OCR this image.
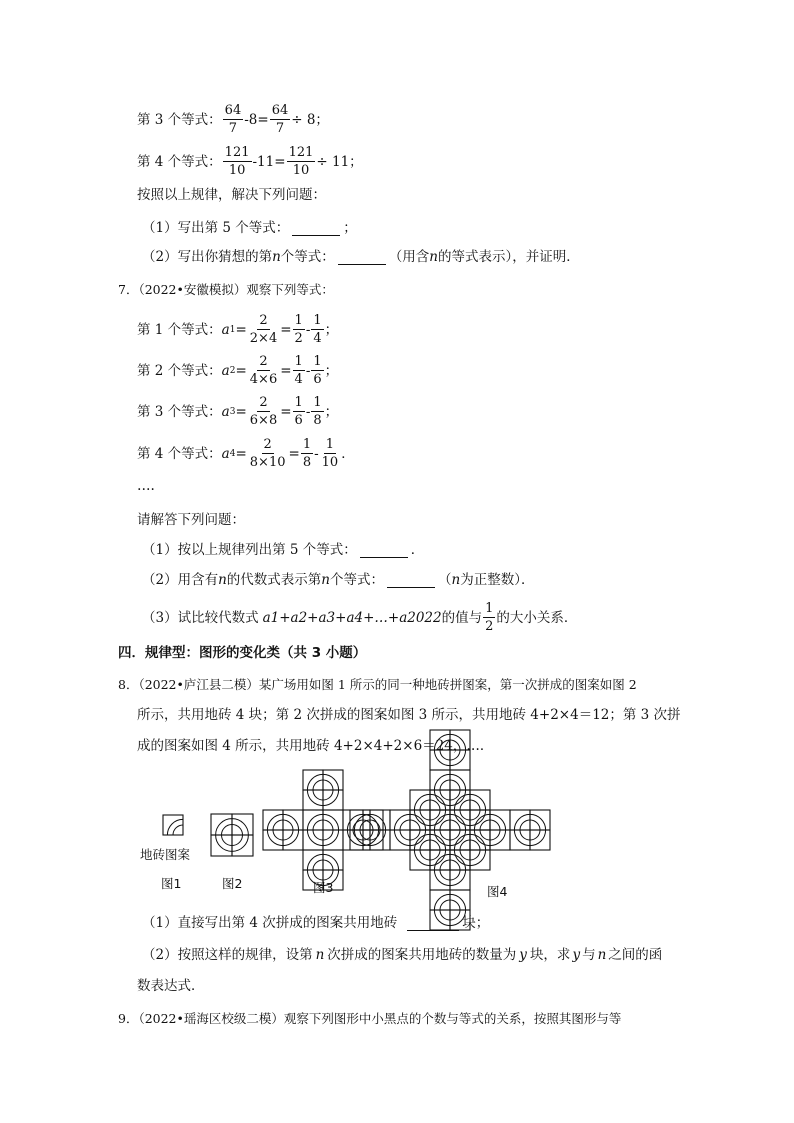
第 3 个等式： $\frac{64}{7} -8= \frac{64}{7} \div 8$；
第 4 个等式： $\frac{121}{10} -11= \frac{121}{10} \div 11$；
按照以上规律，解决下列问题：
（1）写出第 5 个等式：	；
（2）写出你猜想的第 n 个等式：	（用含 n 的等式表示），并证明．
7．（2022•安徽模拟）观察下列等式：
第 1 个等式： a $1 = \frac{2}{2\times 4} = \frac{1}{2} - \frac{1}{4}$ ；
第 2 个等式： a $2 = \frac{2}{4\times 6} = \frac{1}{4} - \frac{1}{6}$ ；
第 3 个等式： a $3 = \frac{2}{6\times 8} = \frac{1}{6} - \frac{1}{8}$ ；
第 4 个等式： a $4 = \frac{2}{8\times 10} = \frac{1}{8} - \frac{1}{10}$ ．
….
请解答下列问题：
（1）按以上规律列出第 5 个等式：	．
（2）用含有 n 的代数式表示第 n 个等式：	（ n 为正整数）．
（3）试比较代数式 a1+a2+a3+a4+…+a2022 的值与 $\frac{1}{2}$ 的大小关系．
四．规律型：图形的变化类（共 3 小题）
8．（2022•庐江县二模）某广场用如图 1 所示的同一种地砖拼图案，第一次拼成的图案如图 2
所示，共用地砖 4 块；第 2 次拼成的图案如图 3 所示，共用地砖 4+2×4＝12；第 3 次拼
成的图案如图 4 所示，共用地砖 4+2×4+2×6＝24，…．
地砖图案
图1	图2	图3	图4
（1）直接写出第 4 次拼成的图案共用地砖	块；
（2）按照这样的规律，设第 n 次拼成的图案共用地砖的数量为 y 块，求 y 与 n 之间的函
数表达式．
9．（2022•瑶海区校级二模）观察下列图形中小黑点的个数与等式的关系，按照其图形与等
